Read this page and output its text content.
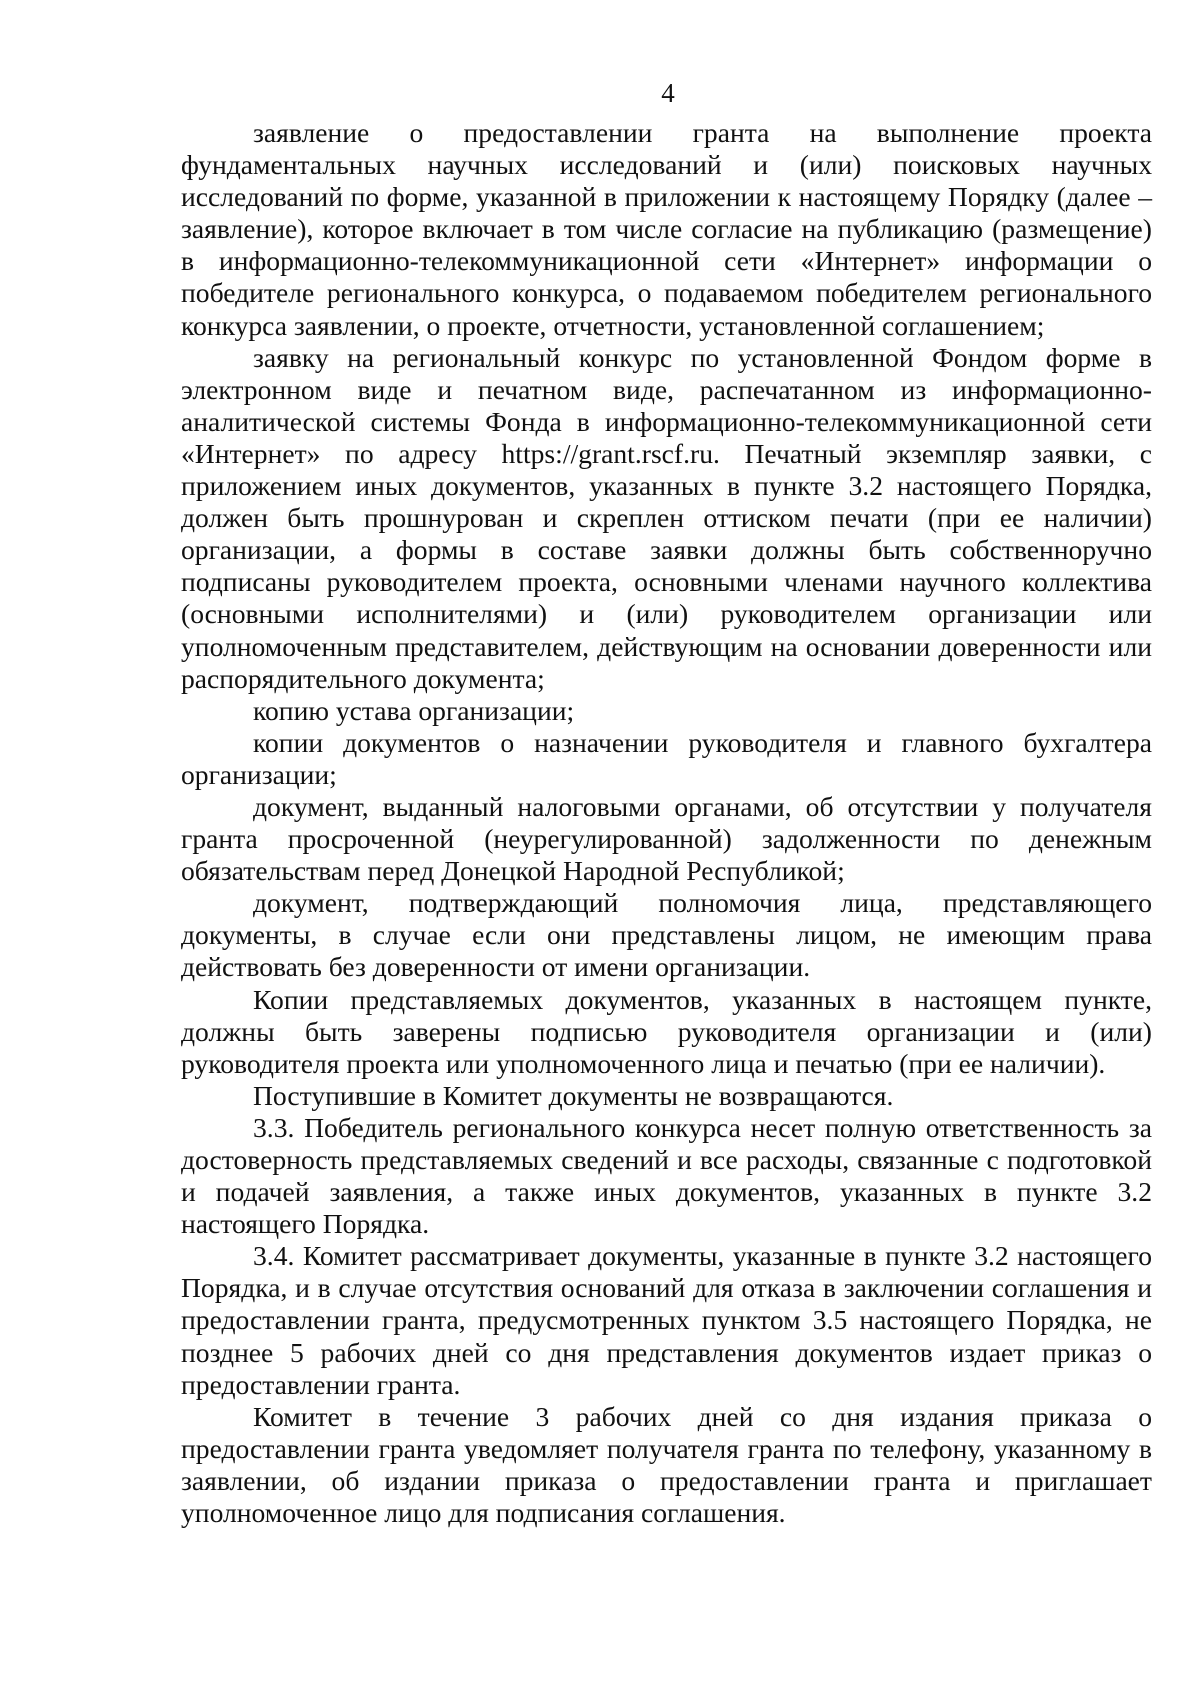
4

заявление о предоставлении гранта на выполнение проекта фундаментальных научных исследований и (или) поисковых научных исследований по форме, указанной в приложении к настоящему Порядку (далее – заявление), которое включает в том числе согласие на публикацию (размещение) в информационно-телекоммуникационной сети «Интернет» информации о победителе регионального конкурса, о подаваемом победителем регионального конкурса заявлении, о проекте, отчетности, установленной соглашением;

заявку на региональный конкурс по установленной Фондом форме в электронном виде и печатном виде, распечатанном из информационно-аналитической системы Фонда в информационно-телекоммуникационной сети «Интернет» по адресу https://grant.rscf.ru. Печатный экземпляр заявки, с приложением иных документов, указанных в пункте 3.2 настоящего Порядка, должен быть прошнурован и скреплен оттиском печати (при ее наличии) организации, а формы в составе заявки должны быть собственноручно подписаны руководителем проекта, основными членами научного коллектива (основными исполнителями) и (или) руководителем организации или уполномоченным представителем, действующим на основании доверенности или распорядительного документа;

копию устава организации;

копии документов о назначении руководителя и главного бухгалтера организации;

документ, выданный налоговыми органами, об отсутствии у получателя гранта просроченной (неурегулированной) задолженности по денежным обязательствам перед Донецкой Народной Республикой;

документ, подтверждающий полномочия лица, представляющего документы, в случае если они представлены лицом, не имеющим права действовать без доверенности от имени организации.

Копии представляемых документов, указанных в настоящем пункте, должны быть заверены подписью руководителя организации и (или) руководителя проекта или уполномоченного лица и печатью (при ее наличии).

Поступившие в Комитет документы не возвращаются.

3.3. Победитель регионального конкурса несет полную ответственность за достоверность представляемых сведений и все расходы, связанные с подготовкой и подачей заявления, а также иных документов, указанных в пункте 3.2 настоящего Порядка.

3.4. Комитет рассматривает документы, указанные в пункте 3.2 настоящего Порядка, и в случае отсутствия оснований для отказа в заключении соглашения и предоставлении гранта, предусмотренных пунктом 3.5 настоящего Порядка, не позднее 5 рабочих дней со дня представления документов издает приказ о предоставлении гранта.

Комитет в течение 3 рабочих дней со дня издания приказа о предоставлении гранта уведомляет получателя гранта по телефону, указанному в заявлении, об издании приказа о предоставлении гранта и приглашает уполномоченное лицо для подписания соглашения.
